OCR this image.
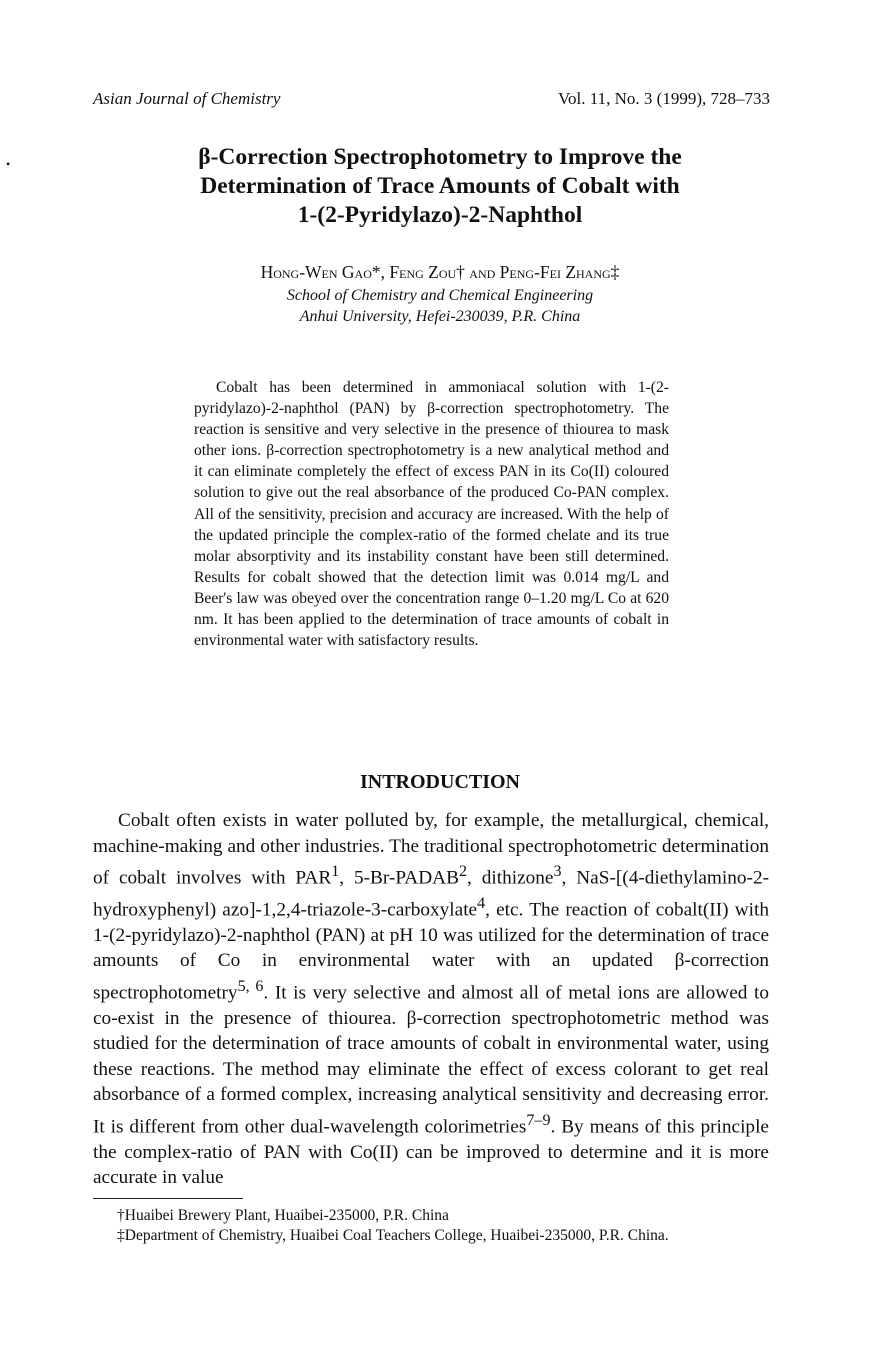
•
Asian Journal of Chemistry	Vol. 11, No. 3 (1999), 728–733
β-Correction Spectrophotometry to Improve the
Determination of Trace Amounts of Cobalt with
1-(2-Pyridylazo)-2-Naphthol
Hong-Wen Gao*, Feng Zou† and Peng-Fei Zhang‡
School of Chemistry and Chemical Engineering
Anhui University, Hefei-230039, P.R. China

Cobalt has been determined in ammoniacal solution with 1-(2-pyridylazo)-2-naphthol (PAN) by β-correction spectrophotometry. The reaction is sensitive and very selective in the presence of thiourea to mask other ions. β-correction spectrophotometry is a new analytical method and it can eliminate completely the effect of excess PAN in its Co(II) coloured solution to give out the real absorbance of the produced Co-PAN complex. All of the sensitivity, precision and accuracy are increased. With the help of the updated principle the complex-ratio of the formed chelate and its true molar absorptivity and its instability constant have been still determined. Results for cobalt showed that the detection limit was 0.014 mg/L and Beer's law was obeyed over the concentration range 0–1.20 mg/L Co at 620 nm. It has been applied to the determination of trace amounts of cobalt in environmental water with satisfactory results.

INTRODUCTION

Cobalt often exists in water polluted by, for example, the metallurgical, chemical, machine-making and other industries. The traditional spectrophotometric determination of cobalt involves with PAR$^1$, 5-Br-PADAB$^2$, dithizone$^3$, NaS-[(4-diethylamino-2-hydroxyphenyl) azo]-1,2,4-triazole-3-carboxylate$^4$, etc. The reaction of cobalt(II) with 1-(2-pyridylazo)-2-naphthol (PAN) at pH 10 was utilized for the determination of trace amounts of Co in environmental water with an updated β-correction spectrophotometry$^{5, 6}$. It is very selective and almost all of metal ions are allowed to co-exist in the presence of thiourea. β-correction spectrophotometric method was studied for the determination of trace amounts of cobalt in environmental water, using these reactions. The method may eliminate the effect of excess colorant to get real absorbance of a formed complex, increasing analytical sensitivity and decreasing error. It is different from other dual-wavelength colorimetries$^{7-9}$. By means of this principle the complex-ratio of PAN with Co(II) can be improved to determine and it is more accurate in value

†Huaibei Brewery Plant, Huaibei-235000, P.R. China
‡Department of Chemistry, Huaibei Coal Teachers College, Huaibei-235000, P.R. China.
